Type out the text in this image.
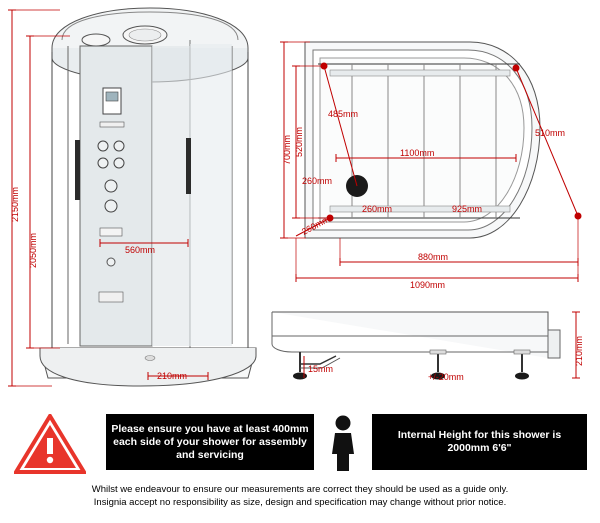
2150mm
2050mm	560mm
210mm
700mm 520mm
485mm
1100mm
510mm
260mm
260mm	925mm
260mm
880mm
1090mm
15mm
+/-20mm
210mm
Please ensure you have at least 400mm each side of your shower for assembly and servicing
Internal Height for this shower is 2000mm 6'6"
Whilst we endeavour to ensure our measurements are correct they should be used as a guide only.
Insignia accept no responsibility as size, design and specification may change without prior notice.
